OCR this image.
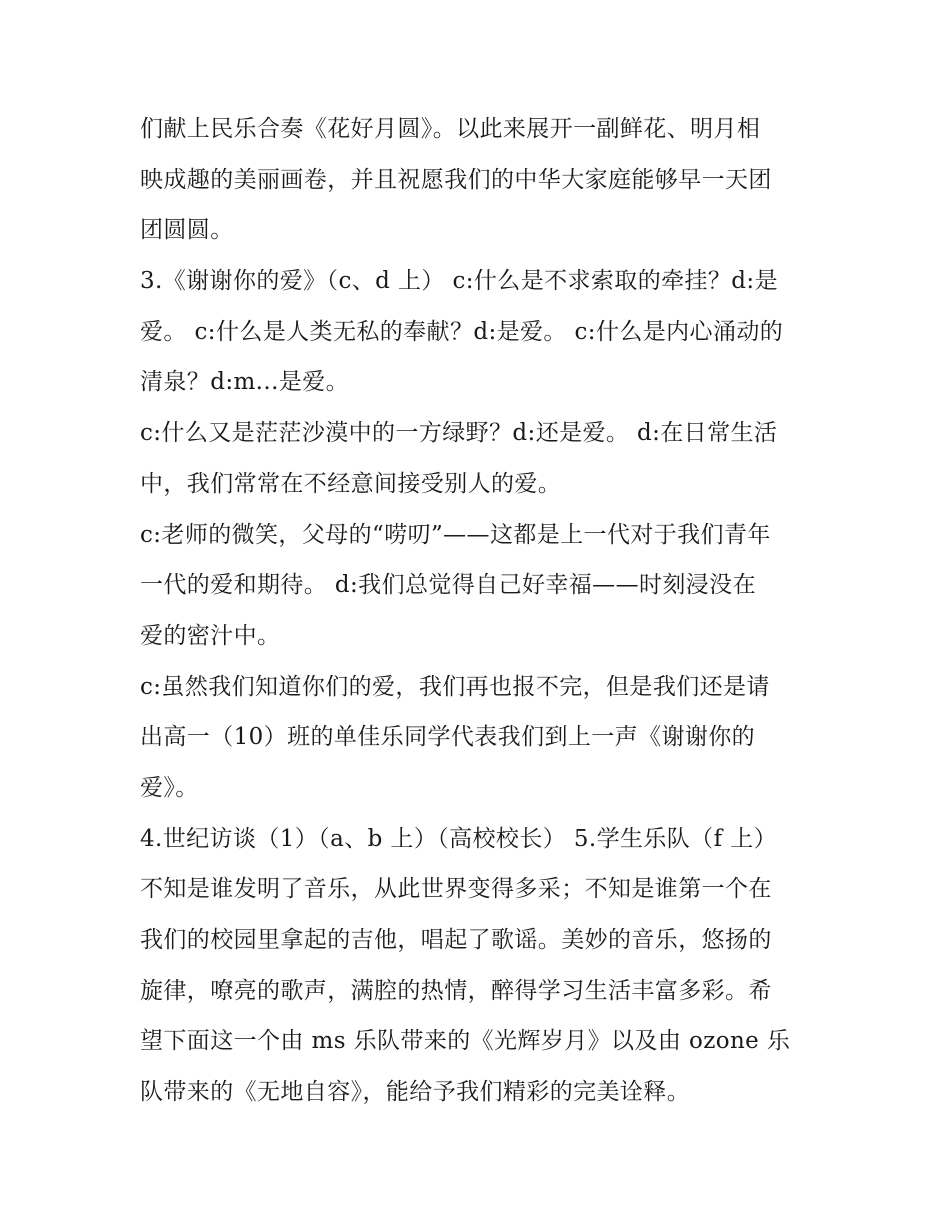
们献上民乐合奏《花好月圆》。以此来展开一副鲜花、明月相
映成趣的美丽画卷，并且祝愿我们的中华大家庭能够早一天团
团圆圆。
3.《谢谢你的爱》（c、d 上） c:什么是不求索取的牵挂？d:是
爱。 c:什么是人类无私的奉献？d:是爱。 c:什么是内心涌动的
清泉？d:m...是爱。
c:什么又是茫茫沙漠中的一方绿野？d:还是爱。 d:在日常生活
中，我们常常在不经意间接受别人的爱。
c:老师的微笑，父母的“唠叨”——这都是上一代对于我们青年
一代的爱和期待。 d:我们总觉得自己好幸福——时刻浸没在
爱的密汁中。
c:虽然我们知道你们的爱，我们再也报不完，但是我们还是请
出高一（10）班的单佳乐同学代表我们到上一声《谢谢你的
爱》。
4.世纪访谈（1）（a、b 上）（高校校长） 5.学生乐队（f 上）
不知是谁发明了音乐，从此世界变得多采；不知是谁第一个在
我们的校园里拿起的吉他，唱起了歌谣。美妙的音乐，悠扬的
旋律，嘹亮的歌声，满腔的热情，醉得学习生活丰富多彩。希
望下面这一个由 ms 乐队带来的《光辉岁月》以及由 ozone 乐
队带来的《无地自容》，能给予我们精彩的完美诠释。
